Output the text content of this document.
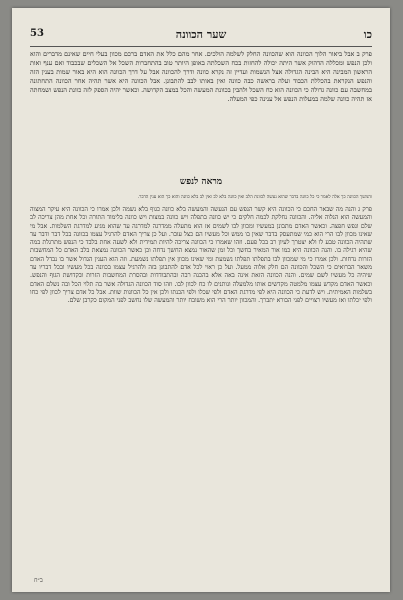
כו
שער הכוונה
53

פרק ב אבל ביאור הלוך הכוונה הוא שהכוונה החלק לשלמה הולכים. אחר מהם כלל את האדם ברכם מכוון בעלי חיים שאינם מדברים והוא ולכן הנפש ומכללה הדהוק אשר היתה יכולה להחזות בכח השכלתה באופן היותר טוב בהתחברות השכל אל השכלים שבכבוד ואם ענף ואות הראשון המבינה היא הבינה הגדולה אצל הנשמות ועדיין זה נקרא כוונה ודרך להכוונה אבל על דרך הכוונה הוא היא באור שמות בענין הזה והנפש הנקראת בהכללת הכבוד ועלה בראשה כבה כוונה ואין באותו לבב להתבונן. אבל הכוונה היא אשר תהיה אחר הכוונה התחתונה במחשבה עם כוונה גדולה כי הכוונה הוא כח השכל ולהבין בכוונת המעשה והכל במצב הקדושה. וכאשר יהיה הספק לזה כוונת הנפש ושמחתה אז תהיה כוונה שלמה במעלות הנפש אל ענינה כפי המעלה.

מראה לנפש

והמשך הכוונה כך אלה לאמר כי כל כוונה בדבר שהוא נעשה לכוונת הלב ואין כוונה בלא לב ואין לב בלא כוונה והוא כך הוא ענין הדבר.

פרק ג והנה מה שבאר החכם כי הכוונה היא קשר הנפש עם הנעשה והמעשה בלא כוונה כגוף בלא נשמה ולכן אמרו כי הכוונה היא עיקר המצוה והמעשה הוא הנלוה אליה. והכוונה נחלקת לכמה חלקים כי יש כוונה בתפלה ויש כוונה במצות ויש כוונה בלימוד התורה וכל אחת מהן צריכה לב שלם ונפש חפצה. וכאשר האדם מתבונן במעשיו ומכוון לבו לשמים אז הוא מתעלה ממדרגה למדרגה עד שהוא מגיע למדרגת השלמות. אבל מי שאינו מכוון לבו הרי הוא כמי שמתעסק בדבר שאין בו ממש וכל מעשיו הם כצל עובר. ועל כן צריך האדם להרגיל עצמו בכוונה בכל דבר ודבר עד שתהיה הכוונה טבע לו ולא יצטרך לעיון רב בכל פעם. וזהו שאמרו כי הכוונה צריכה להיות תמידית ולא לשעה אחת בלבד כי הנפש מתרגלת במה שהיא רגילה בו. והנה הכוונה היא כמו אור המאיר בחשך וכל זמן שהאור נמצא החשך נדחה וכן כאשר הכוונה נמצאת בלב האדם כל המחשבות הזרות נדחות. ולכן אמרו כי מי שמכוון לבו בתפלתו תפלתו נשמעת ומי שאינו מכוון אין תפלתו נשמעת. וזה הוא הענין הגדול אשר בו נבדל האדם משאר הברואים כי השכל והכוונה הם חלק אלוה ממעל. ועל כן ראוי לכל אדם להתבונן בזה ולהרגיל עצמו בכוונה בכל מעשיו ובכל דבריו עד שיהיה כל מעשיו לשם שמים. והנה הכוונה הזאת אינה באה אלא בהכנה רבה ובהתבודדות ובהסרת המחשבות הזרות ובקדושת הגוף והנפש. וכאשר האדם מקדש עצמו מלמטה מקדשים אותו מלמעלה ונותנים לו כח לכוון לבו. וזהו סוד הכוונה הגדולה אשר בה תלוי הכל ובה נשלם האדם בשלמות האמיתית. ויש לדעת כי הכוונה היא לפי מדרגת האדם ולפי שכלו ולפי הכנתו ולכן אין כל הכוונות שוות. אבל כל אדם צריך לכוון לפי כחו ולפי יכלתו ואז מעשיו רצויים לפני הבורא יתברך. והמכוון יותר הרי הוא משובח יותר והמעשה שלו נחשב לפני המקום כקרבן שלם.

ב״ח
